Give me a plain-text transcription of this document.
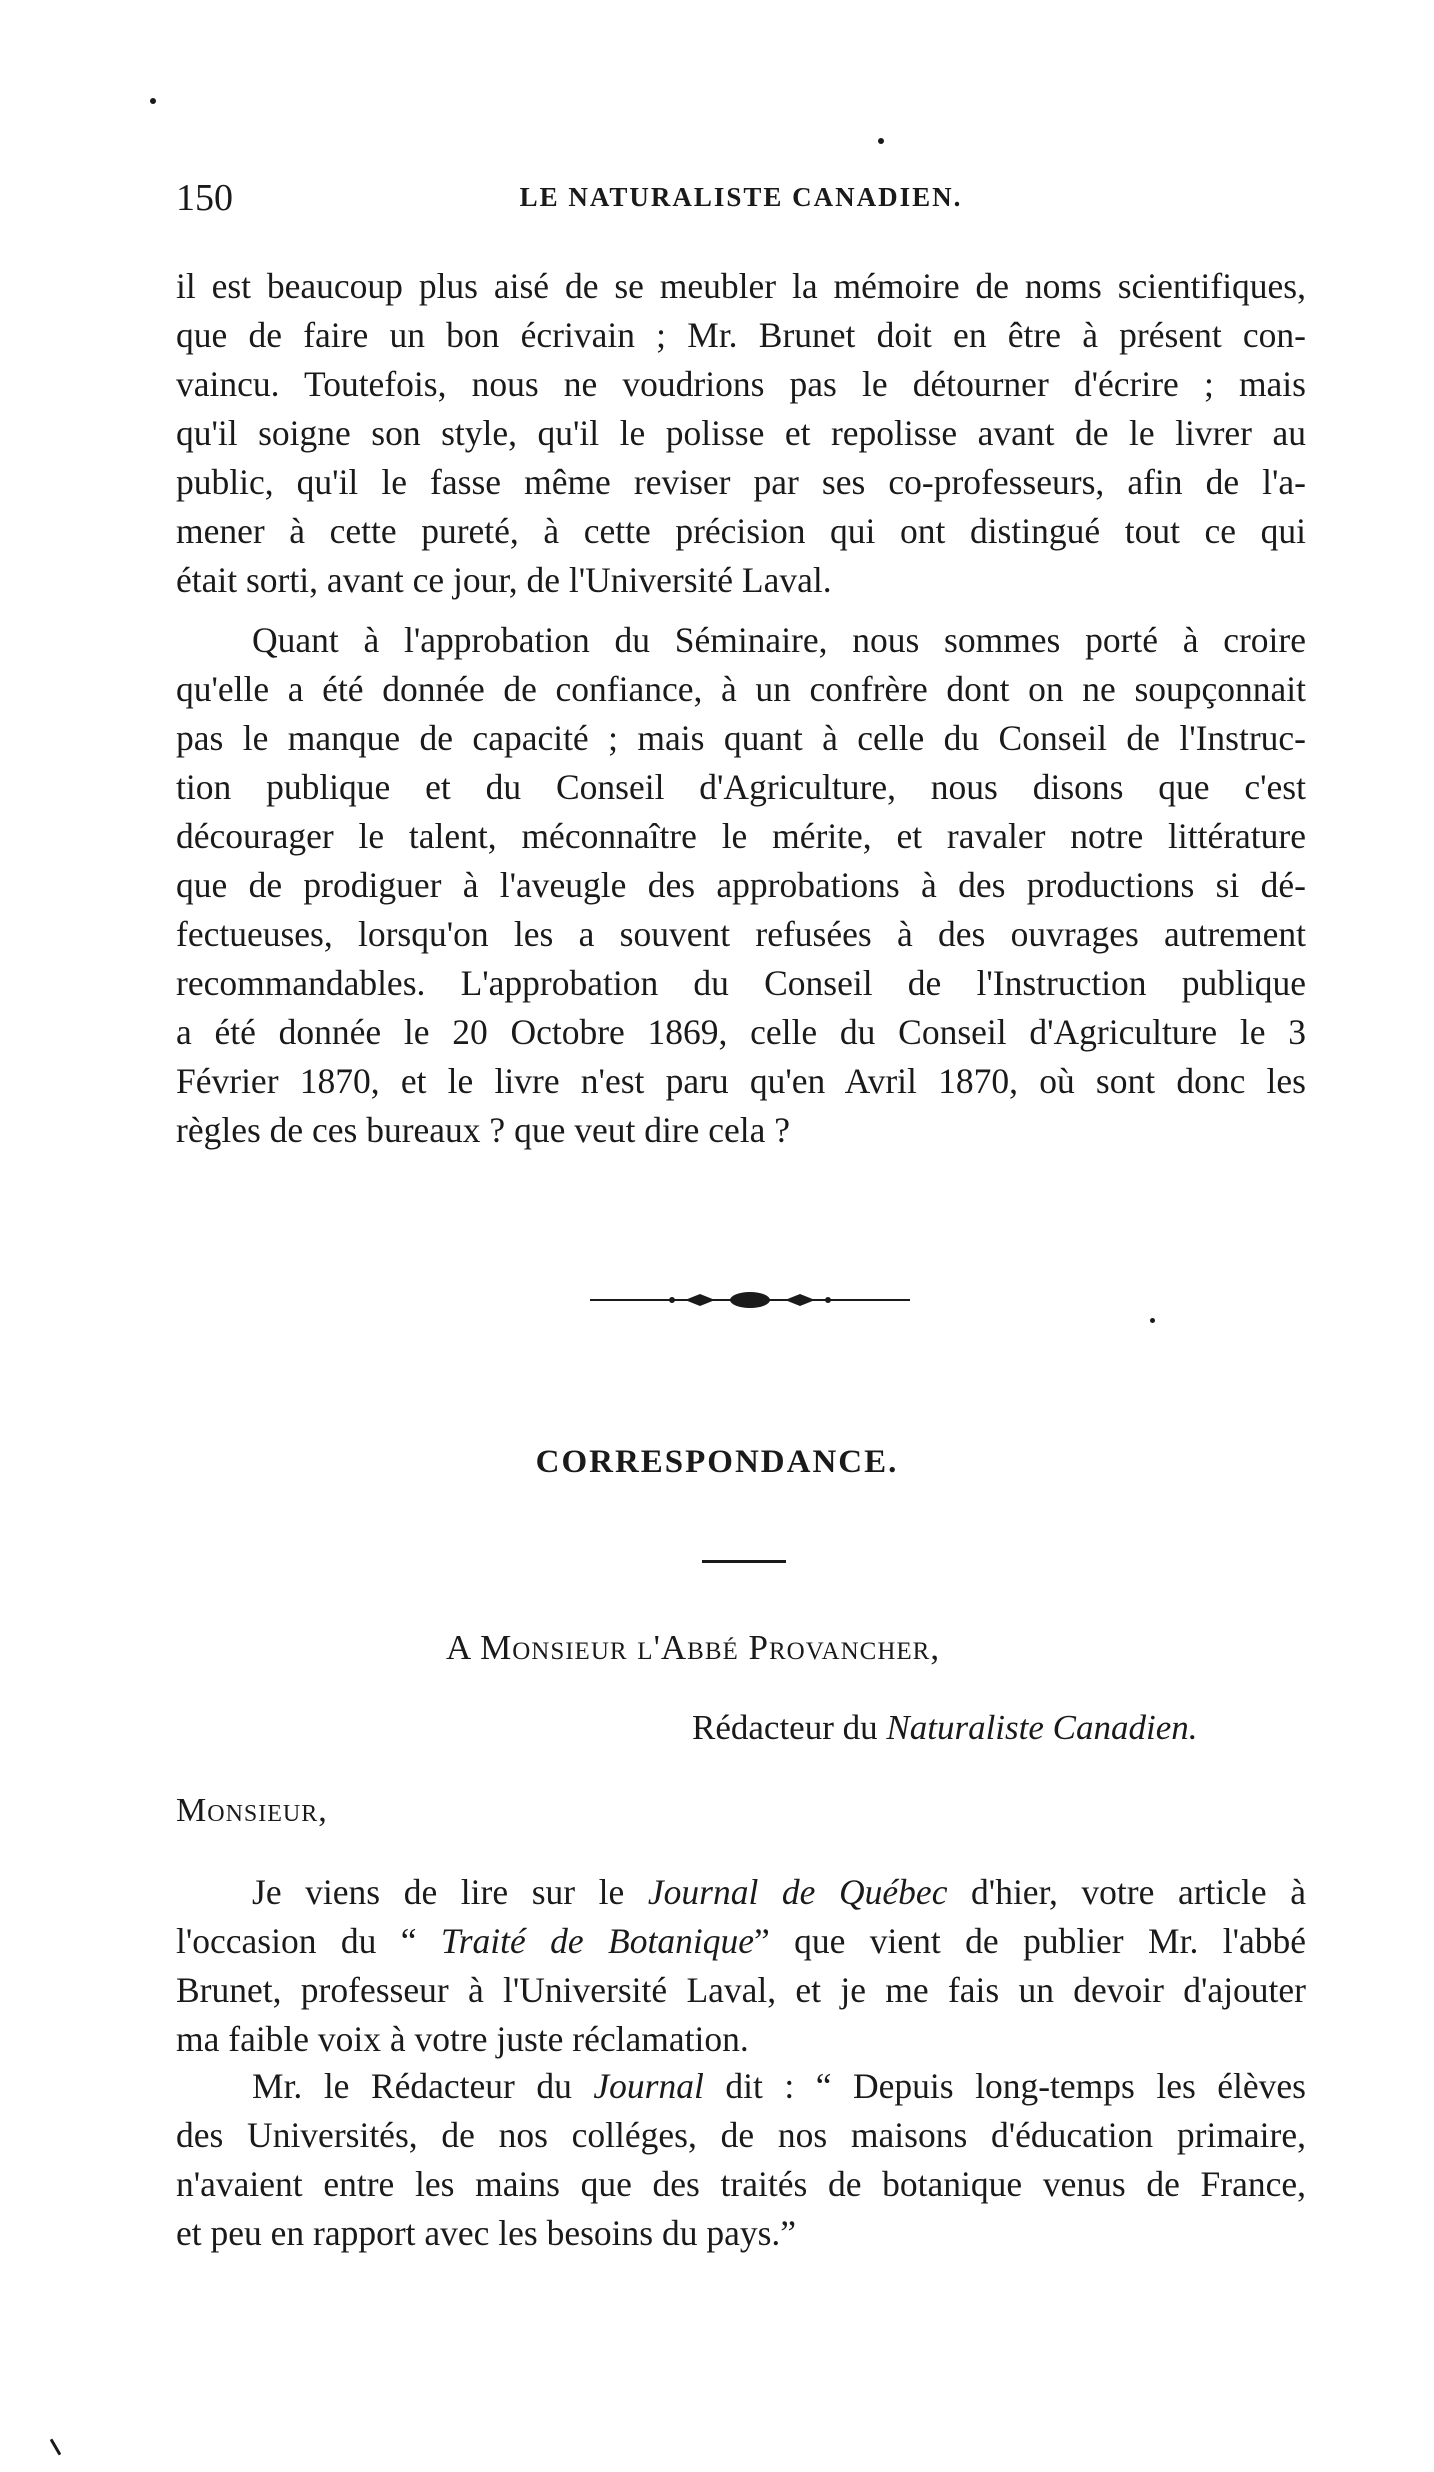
150	LE NATURALISTE CANADIEN.
il est beaucoup plus aisé de se meubler la mémoire de noms scientifiques,
que de faire un bon écrivain ; Mr. Brunet doit en être à présent con-
vaincu. Toutefois, nous ne voudrions pas le détourner d'écrire ; mais
qu'il soigne son style, qu'il le polisse et repolisse avant de le livrer au
public, qu'il le fasse même reviser par ses co-professeurs, afin de l'a-
mener à cette pureté, à cette précision qui ont distingué tout ce qui
était sorti, avant ce jour, de l'Université Laval.
Quant à l'approbation du Séminaire, nous sommes porté à croire
qu'elle a été donnée de confiance, à un confrère dont on ne soupçonnait
pas le manque de capacité ; mais quant à celle du Conseil de l'Instruc-
tion publique et du Conseil d'Agriculture, nous disons que c'est
décourager le talent, méconnaître le mérite, et ravaler notre littérature
que de prodiguer à l'aveugle des approbations à des productions si dé-
fectueuses, lorsqu'on les a souvent refusées à des ouvrages autrement
recommandables. L'approbation du Conseil de l'Instruction publique
a été donnée le 20 Octobre 1869, celle du Conseil d'Agriculture le 3
Février 1870, et le livre n'est paru qu'en Avril 1870, où sont donc les
règles de ces bureaux ? que veut dire cela ?
CORRESPONDANCE.
A Monsieur l'Abbé Provancher,
Rédacteur du Naturaliste Canadien.
Monsieur,
Je viens de lire sur le Journal de Québec d'hier, votre article à
l'occasion du “ Traité de Botanique” que vient de publier Mr. l'abbé
Brunet, professeur à l'Université Laval, et je me fais un devoir d'ajouter
ma faible voix à votre juste réclamation.
Mr. le Rédacteur du Journal dit : “ Depuis long-temps les élèves
des Universités, de nos colléges, de nos maisons d'éducation primaire,
n'avaient entre les mains que des traités de botanique venus de France,
et peu en rapport avec les besoins du pays.”
